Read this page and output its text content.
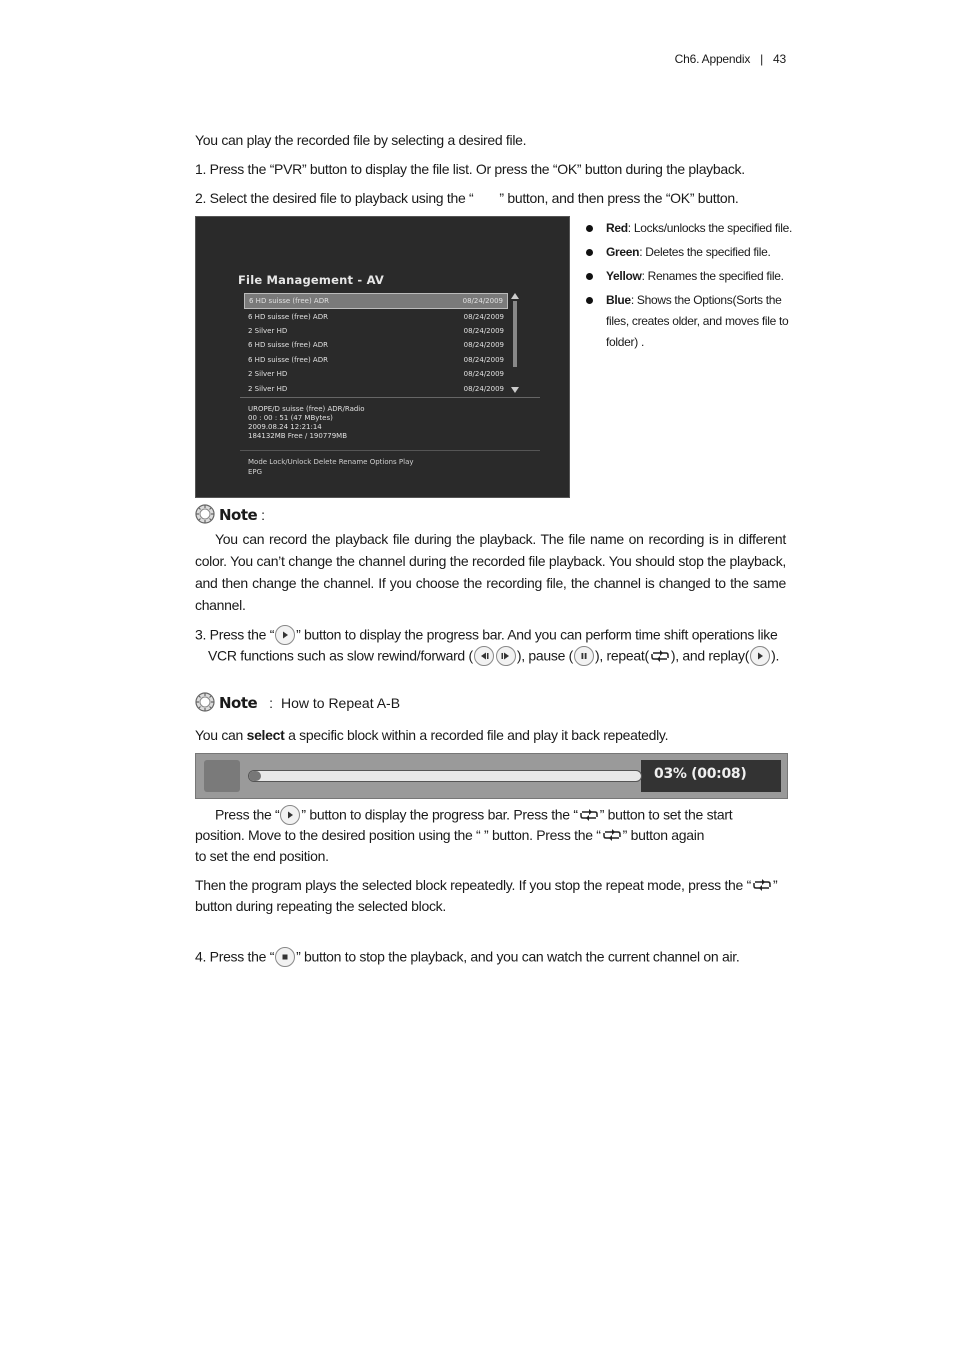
Ch6. Appendix | 43
You can play the recorded file by selecting a desired file.
1. Press the “PVR” button to display the file list. Or press the “OK” button during the playback.
2. Select the desired file to playback using the “ ” button, and then press the “OK” button.
File Management - AV
6 HD suisse (free) ADR	08/24/2009
6 HD suisse (free) ADR	08/24/2009
2 Silver HD	08/24/2009
6 HD suisse (free) ADR	08/24/2009
6 HD suisse (free) ADR	08/24/2009
2 Silver HD	08/24/2009
2 Silver HD	08/24/2009
UROPE/D suisse (free) ADR/Radio
00 : 00 : 51 (47 MBytes)
2009.08.24 12:21:14
184132MB Free / 190779MB
Mode Lock/Unlock Delete Rename Options Play
EPG
Red: Locks/unlocks the specified file.
Green: Deletes the specified file.
Yellow: Renames the specified file.
Blue: Shows the Options(Sorts the files, creates older, and moves file to folder) .
Note :
You can record the playback file during the playback. The file name on recording is in different color. You can’t change the channel during the recorded file playback. You should stop the playback, and then change the channel. If you choose the recording file, the channel is changed to the same channel.
3. Press the “ ” button to display the progress bar. And you can perform time shift operations like
VCR functions such as slow rewind/forward (	), pause ( ), repeat( ), and replay( ).
Note : How to Repeat A-B
You can select a specific block within a recorded file and play it back repeatedly.
03% (00:08)
Press the “ ” button to display the progress bar. Press the “ ” button to set the start
position. Move to the desired position using the “ ” button. Press the “ ” button again
to set the end position.
Then the program plays the selected block repeatedly. If you stop the repeat mode, press the “ ”
button during repeating the selected block.
4. Press the “ ” button to stop the playback, and you can watch the current channel on air.
